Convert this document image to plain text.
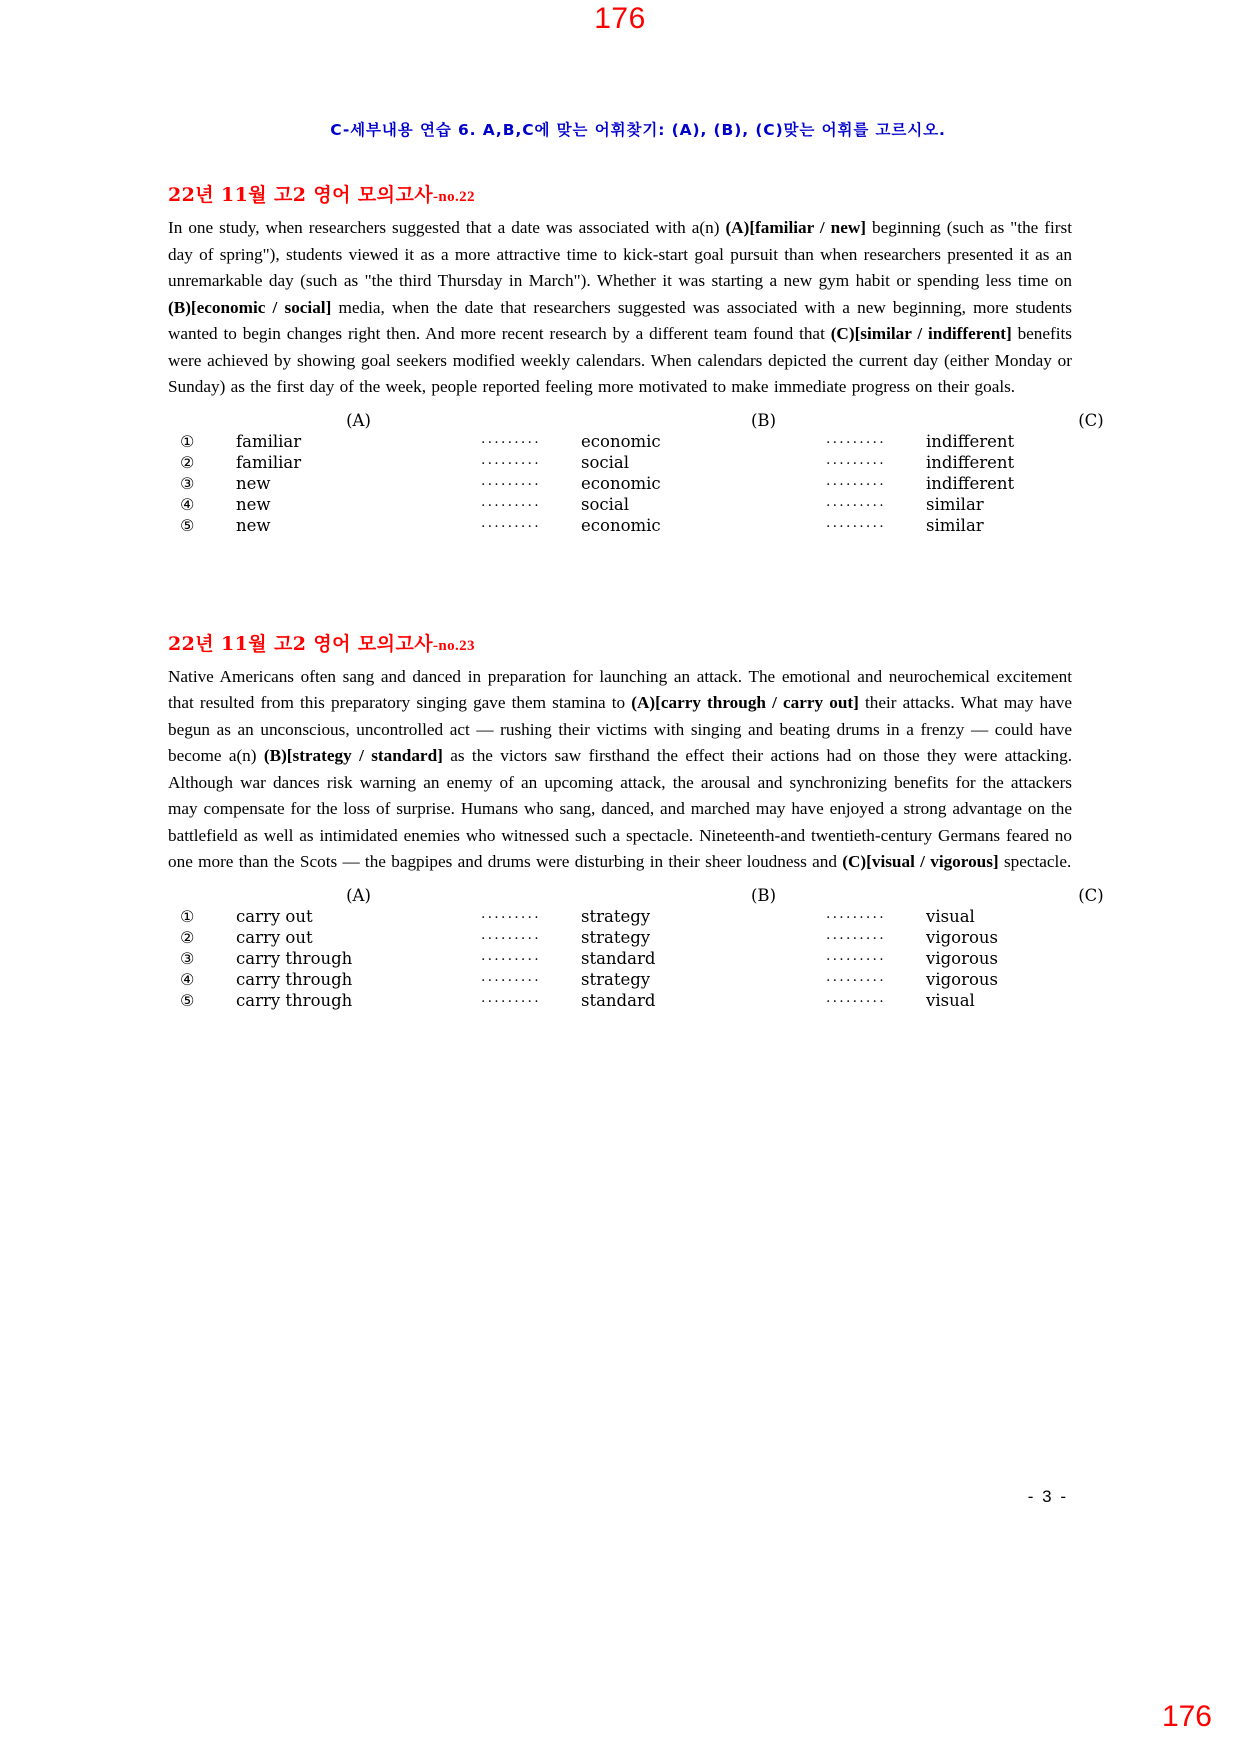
176
C-세부내용 연습 6. A,B,C에 맞는 어휘찾기: (A), (B), (C)맞는 어휘를 고르시오.
22년 11월 고2 영어 모의고사-no.22

In one study, when researchers suggested that a date was associated with a(n) (A)[familiar / new] beginning (such as "the first day of spring"), students viewed it as a more attractive time to kick-start goal pursuit than when researchers presented it as an unremarkable day (such as "the third Thursday in March"). Whether it was starting a new gym habit or spending less time on (B)[economic / social] media, when the date that researchers suggested was associated with a new beginning, more students wanted to begin changes right then. And more recent research by a different team found that (C)[similar / indifferent] benefits were achieved by showing goal seekers modified weekly calendars. When calendars depicted the current day (either Monday or Sunday) as the first day of the week, people reported feeling more motivated to make immediate progress on their goals.

(A)	(B)	(C)
①	familiar	·········	economic	·········	indifferent
②	familiar	·········	social	·········	indifferent
③	new	·········	economic	·········	indifferent
④	new	·········	social	·········	similar
⑤	new	·········	economic	·········	similar
22년 11월 고2 영어 모의고사-no.23

Native Americans often sang and danced in preparation for launching an attack. The emotional and neurochemical excitement that resulted from this preparatory singing gave them stamina to (A)[carry through / carry out] their attacks. What may have begun as an unconscious, uncontrolled act — rushing their victims with singing and beating drums in a frenzy — could have become a(n) (B)[strategy / standard] as the victors saw firsthand the effect their actions had on those they were attacking. Although war dances risk warning an enemy of an upcoming attack, the arousal and synchronizing benefits for the attackers may compensate for the loss of surprise. Humans who sang, danced, and marched may have enjoyed a strong advantage on the battlefield as well as intimidated enemies who witnessed such a spectacle. Nineteenth-and twentieth-century Germans feared no one more than the Scots — the bagpipes and drums were disturbing in their sheer loudness and (C)[visual / vigorous] spectacle.

(A)	(B)	(C)
①	carry out	·········	strategy	·········	visual
②	carry out	·········	strategy	·········	vigorous
③	carry through	·········	standard	·········	vigorous
④	carry through	·········	strategy	·········	vigorous
⑤	carry through	·········	standard	·········	visual
- 3 -
176
